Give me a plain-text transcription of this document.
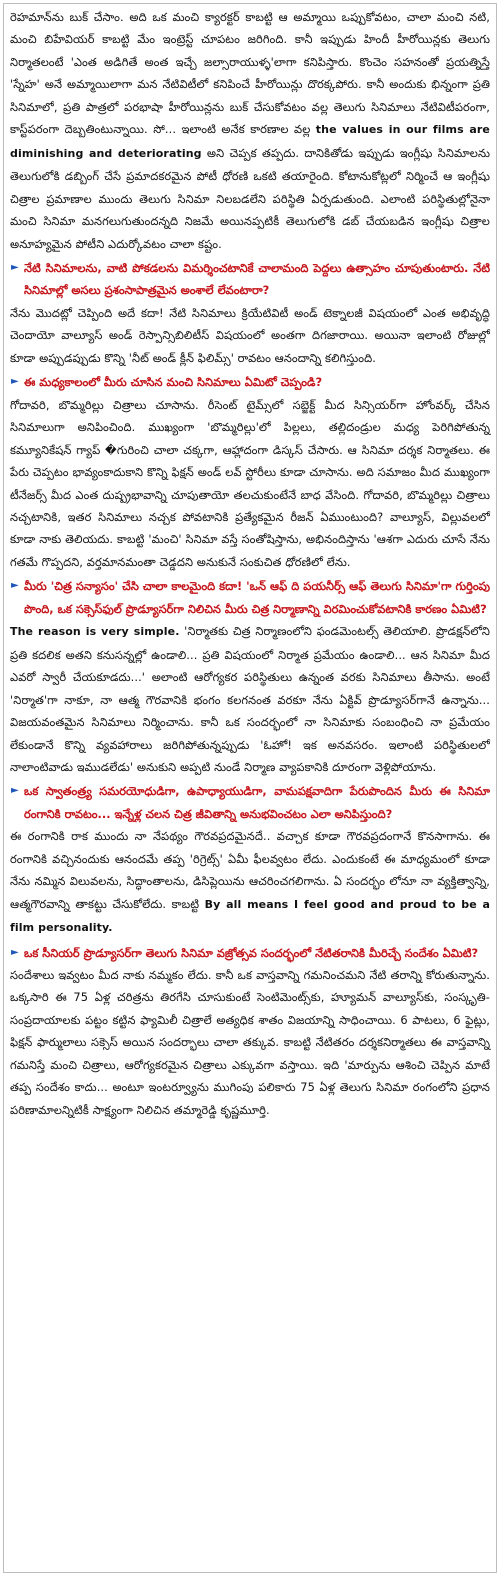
రెహమాన్‌ను బుక్ చేసాం. అది ఒక మంచి క్యారక్టర్ కాబట్టి ఆ అమ్మాయి ఒప్పుకోవటం, చాలా మంచి నటి, మంచి బిహేవియర్ కాబట్టి మేం ఇంట్రెస్ట్ చూపటం జరిగింది. కానీ ఇప్పుడు హిందీ హీరోయిన్లకు తెలుగు నిర్మాతలంటే 'ఎంత అడిగితే అంత ఇచ్చే జల్సారాయుళ్ళ'లాగా కనిపిస్తారు. కొంచెం సహనంతో ప్రయత్నిస్తే 'స్నేహ' అనే అమ్మాయిలాగా మన నేటివిటీలో కనిపించే హీరోయిన్లు దొరక్కపోరు. కానీ అందుకు భిన్నంగా ప్రతి సినిమాలో, ప్రతి పాత్రలో పరభాషా హీరోయిన్లను బుక్ చేసుకోవటం వల్ల తెలుగు సినిమాలు నేటివిటీపరంగా, కాస్ట్‌పరంగా దెబ్బతింటున్నాయి. సో... ఇలాంటి అనేక కారణాల వల్ల the values in our films are diminishing and deteriorating అని చెప్పక తప్పదు. దానికితోడు ఇప్పుడు ఇంగ్లీషు సినిమాలను తెలుగులోకి డబ్బింగ్ చేసే ప్రమాదకరమైన పోటీ ధోరణి ఒకటి తయారైంది. కోటానుకోట్లలో నిర్మించే ఆ ఇంగ్లీషు చిత్రాల ప్రమాణాల ముందు తెలుగు సినిమా నిలబడలేని పరిస్థితి ఏర్పడుతుంది. ఎలాంటి పరిస్థితుల్లోనైనా మంచి సినిమా మనగలుగుతుందన్నది నిజమే అయినప్పటికీ తెలుగులోకి డబ్ చేయబడిన ఇంగ్లీషు చిత్రాల అనూహ్యమైన పోటీని ఎదుర్కోవటం చాలా కష్టం.

► నేటి సినిమాలను, వాటి పోకడలను విమర్శించటానికే చాలామంది పెద్దలు ఉత్సాహం చూపుతుంటారు. నేటి సినిమాల్లో అసలు ప్రశంసాపాత్రమైన అంశాలే లేవంటారా?

నేను మొదట్లో చెప్పింది అదే కదా! నేటి సినిమాలు క్రియేటివిటీ అండ్ టెక్నాలజీ విషయంలో ఎంత అభివృద్ధి చెందాయో వాల్యూస్ అండ్ రెస్పాన్సిబిలిటీస్ విషయంలో అంతగా దిగజారాయి. అయినా ఇలాంటి రోజుల్లో కూడా అప్పుడప్పుడు కొన్ని 'నీట్ అండ్ క్లీన్ ఫిలిమ్స్' రావటం ఆనందాన్ని కలిగిస్తుంది.

► ఈ మధ్యకాలంలో మీరు చూసిన మంచి సినిమాలు ఏమిటో చెప్పండి?

గోదావరి, బొమ్మరిల్లు చిత్రాలు చూసాను. రీసెంట్ టైమ్స్‌లో సబ్జెక్ట్ మీద సిన్సియర్‌గా హోంవర్క్ చేసిన సినిమాలుగా అనిపించింది. ముఖ్యంగా 'బొమ్మరిల్లు'లో పిల్లలు, తల్లిదండ్రుల మధ్య పెరిగిపోతున్న కమ్యూనికేషన్ గ్యాప్ �గురించి చాలా చక్కగా, ఆహ్లాదంగా డిస్కస్ చేసారు. ఆ సినిమా దర్శక నిర్మాతలు. ఈ పేరు చెప్పటం భావ్యంకాదుకాని కొన్ని ఫిక్షన్ అండ్ లవ్ స్టోరీలు కూడా చూసాను. అది సమాజం మీద ముఖ్యంగా టీనేజర్స్ మీద ఎంత దుష్ప్రభావాన్ని చూపుతాయో తలచుకుంటేనే బాధ వేసింది. గోదావరి, బొమ్మరిల్లు చిత్రాలు నచ్చటానికి, ఇతర సినిమాలు నచ్చక పోవటానికి ప్రత్యేకమైన రీజన్ ఏముంటుంది? వాల్యూస్, విల్లువలలో కూడా నాకు తెలియదు. కాబట్టి 'మంచి' సినిమా వస్తే సంతోషిస్తాను, అభినందిస్తాను 'ఆశగా ఎదురు చూసే నేను గతమే గొప్పదని, వర్తమానమంతా చెడ్డదని అనుకునే సంకుచిత ధోరణిలో లేను.

► మీరు 'చిత్ర సన్యాసం' చేసి చాలా కాలమైంది కదా! 'ఒన్ ఆఫ్ ది పయనీర్స్ ఆఫ్ తెలుగు సినిమా'గా గుర్తింపు పొంది, ఒక సక్సెస్‌ఫుల్ ప్రొడ్యూసర్‌గా నిలిచిన మీరు చిత్ర నిర్మాణాన్ని విరమించుకోవటానికి కారణం ఏమిటి?

The reason is very simple. 'నిర్మాతకు చిత్ర నిర్మాణంలోని ఫండమెంటల్స్ తెలియాలి. ప్రొడక్షన్‌లోని ప్రతి కదలిక అతని కనుసన్నల్లో ఉండాలి... ప్రతి విషయంలో నిర్మాత ప్రమేయం ఉండాలి... ఆన సినిమా మీద ఎవరో స్వారీ చేయకూడదు...' అలాంటి ఆరోగ్యకర పరిస్థితులు ఉన్నంత వరకు సినిమాలు తీసాను. అంటే 'నిర్మాత'గా నాకూ, నా ఆత్మ గౌరవానికి భంగం కలగనంత వరకూ నేను ఏక్టివ్ ప్రొడ్యూసర్‌గానే ఉన్నాను... విజయవంతమైన సినిమాలు నిర్మించాను. కానీ ఒక సందర్భంలో నా సినిమాకు సంబంధించి నా ప్రమేయం లేకుండానే కొన్ని వ్యవహారాలు జరిగిపోతున్నప్పుడు 'ఓహో! ఇక అనవసరం. ఇలాంటి పరిస్థితులలో నాలాంటివాడు ఇముడలేడు' అనుకుని అప్పటి నుండే నిర్మాణ వ్యాపకానికి దూరంగా వెళ్లిపోయాను.

► ఒక స్వాతంత్ర్య సమరయోధుడిగా, ఉపాధ్యాయుడిగా, వామపక్షవాదిగా పేరుపొందిన మీరు ఈ సినిమా రంగానికి రావటం... ఇన్నేళ్ల చలన చిత్ర జీవితాన్ని అనుభవించటం ఎలా అనిపిస్తుంది?

ఈ రంగానికి రాక ముందు నా నేపథ్యం గౌరవప్రదమైనదే.. వచ్చాక కూడా గౌరవప్రదంగానే కొనసాగాను. ఈ రంగానికి వచ్చినందుకు ఆనందమే తప్ప 'రిగ్రెట్స్' ఏమీ ఫీలవ్వటం లేదు. ఎందుకంటే ఈ మాధ్యమంలో కూడా నేను నమ్మిన విలువలను, సిద్ధాంతాలను, డిసిప్లెయిను ఆచరించగలిగాను. ఏ సందర్భం లోనూ నా వ్యక్తిత్వాన్ని, ఆత్మగౌరవాన్ని తాకట్టు చేసుకోలేదు. కాబట్టి By all means I feel good and proud to be a film personality.

► ఒక సీనియర్ ప్రొడ్యూసర్‌గా తెలుగు సినిమా వజ్రోత్సవ సందర్భంలో నేటితరానికి మీరిచ్చే సందేశం ఏమిటి?

సందేశాలు ఇవ్వటం మీద నాకు నమ్మకం లేదు. కానీ ఒక వాస్తవాన్ని గమనించమని నేటి తరాన్ని కోరుతున్నాను. ఒక్కసారి ఈ 75 ఏళ్ల చరిత్రను తిరగేసి చూసుకుంటే సెంటిమెంట్స్‌కు, హ్యూమన్ వాల్యూస్‌కు, సంస్కృతి-సంప్రదాయాలకు పట్టం కట్టిన ఫ్యామిలీ చిత్రాలే అత్యధిక శాతం విజయాన్ని సాధించాయి. 6 పాటలు, 6 ఫైట్లు, ఫిక్షన్ ఫార్ములాలు సక్సెస్ అయిన సందర్భాలు చాలా తక్కువ. కాబట్టి నేటితరం దర్శకనిర్మాతలు ఈ వాస్తవాన్ని గమనిస్తే మంచి చిత్రాలు, ఆరోగ్యకరమైన చిత్రాలు ఎక్కువగా వస్తాయి. ఇది 'మార్పును ఆశించి చెప్పిన మాటే తప్ప సందేశం కాదు... అంటూ ఇంటర్వ్యూను ముగింపు పలికారు 75 ఏళ్ల తెలుగు సినిమా రంగంలోని ప్రధాన పరిణామాలన్నిటికీ సాక్ష్యంగా నిలిచిన తమ్మారెడ్డి కృష్ణమూర్తి.
